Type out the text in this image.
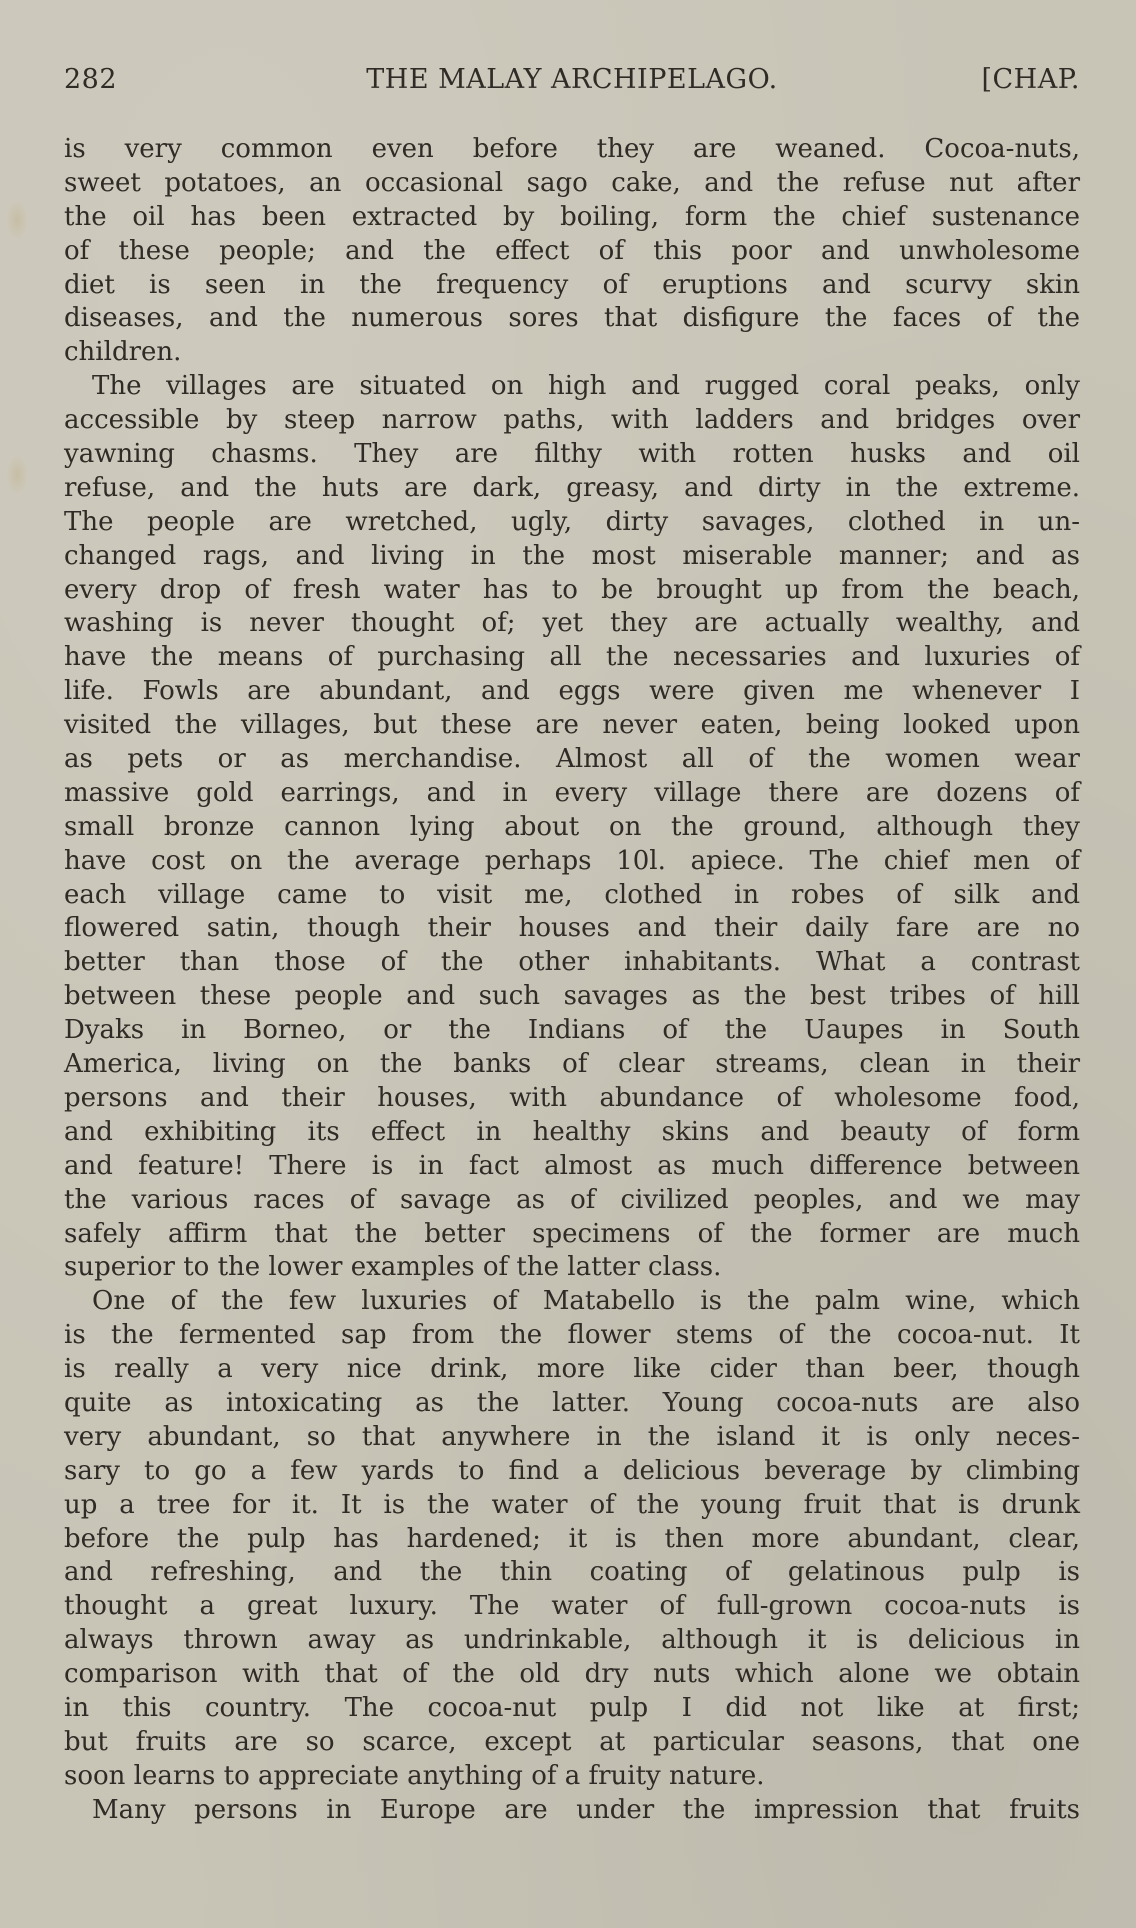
282	THE MALAY ARCHIPELAGO.	[CHAP.
is very common even before they are weaned. Cocoa-nuts,
sweet potatoes, an occasional sago cake, and the refuse nut after
the oil has been extracted by boiling, form the chief sustenance
of these people; and the effect of this poor and unwholesome
diet is seen in the frequency of eruptions and scurvy skin
diseases, and the numerous sores that disfigure the faces of the
children.
The villages are situated on high and rugged coral peaks, only
accessible by steep narrow paths, with ladders and bridges over
yawning chasms. They are filthy with rotten husks and oil
refuse, and the huts are dark, greasy, and dirty in the extreme.
The people are wretched, ugly, dirty savages, clothed in un-
changed rags, and living in the most miserable manner; and as
every drop of fresh water has to be brought up from the beach,
washing is never thought of; yet they are actually wealthy, and
have the means of purchasing all the necessaries and luxuries of
life. Fowls are abundant, and eggs were given me whenever I
visited the villages, but these are never eaten, being looked upon
as pets or as merchandise. Almost all of the women wear
massive gold earrings, and in every village there are dozens of
small bronze cannon lying about on the ground, although they
have cost on the average perhaps 10l. apiece. The chief men of
each village came to visit me, clothed in robes of silk and
flowered satin, though their houses and their daily fare are no
better than those of the other inhabitants. What a contrast
between these people and such savages as the best tribes of hill
Dyaks in Borneo, or the Indians of the Uaupes in South
America, living on the banks of clear streams, clean in their
persons and their houses, with abundance of wholesome food,
and exhibiting its effect in healthy skins and beauty of form
and feature! There is in fact almost as much difference between
the various races of savage as of civilized peoples, and we may
safely affirm that the better specimens of the former are much
superior to the lower examples of the latter class.
One of the few luxuries of Matabello is the palm wine, which
is the fermented sap from the flower stems of the cocoa-nut. It
is really a very nice drink, more like cider than beer, though
quite as intoxicating as the latter. Young cocoa-nuts are also
very abundant, so that anywhere in the island it is only neces-
sary to go a few yards to find a delicious beverage by climbing
up a tree for it. It is the water of the young fruit that is drunk
before the pulp has hardened; it is then more abundant, clear,
and refreshing, and the thin coating of gelatinous pulp is
thought a great luxury. The water of full-grown cocoa-nuts is
always thrown away as undrinkable, although it is delicious in
comparison with that of the old dry nuts which alone we obtain
in this country. The cocoa-nut pulp I did not like at first;
but fruits are so scarce, except at particular seasons, that one
soon learns to appreciate anything of a fruity nature.
Many persons in Europe are under the impression that fruits
